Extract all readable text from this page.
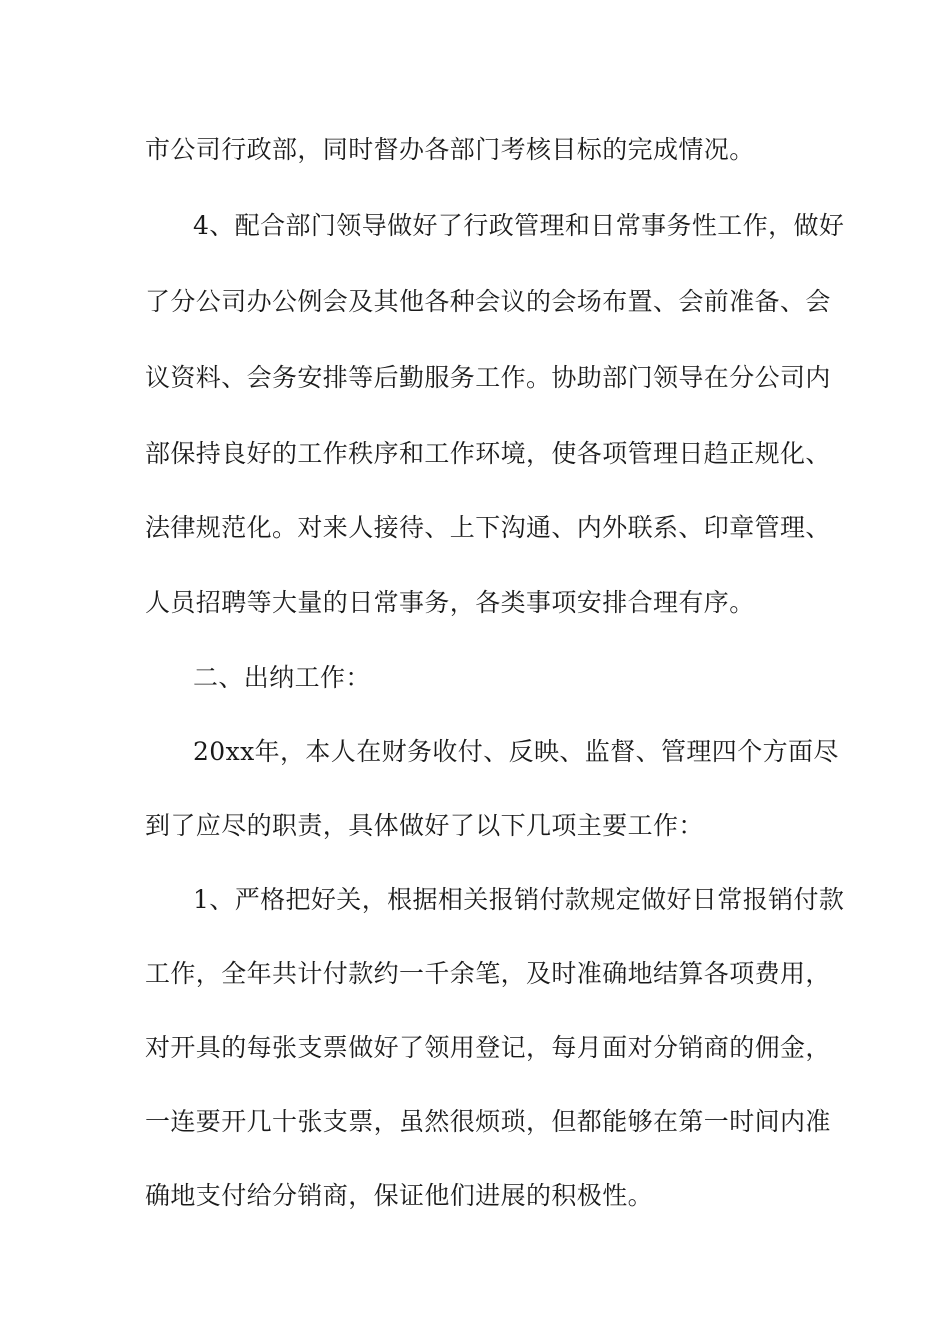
市公司行政部，同时督办各部门考核目标的完成情况。
4、配合部门领导做好了行政管理和日常事务性工作，做好
了分公司办公例会及其他各种会议的会场布置、会前准备、会
议资料、会务安排等后勤服务工作。协助部门领导在分公司内
部保持良好的工作秩序和工作环境，使各项管理日趋正规化、
法律规范化。对来人接待、上下沟通、内外联系、印章管理、
人员招聘等大量的日常事务，各类事项安排合理有序。
二、出纳工作：
20xx年，本人在财务收付、反映、监督、管理四个方面尽
到了应尽的职责，具体做好了以下几项主要工作：
1、严格把好关，根据相关报销付款规定做好日常报销付款
工作，全年共计付款约一千余笔，及时准确地结算各项费用，
对开具的每张支票做好了领用登记，每月面对分销商的佣金，
一连要开几十张支票，虽然很烦琐，但都能够在第一时间内准
确地支付给分销商，保证他们进展的积极性。
